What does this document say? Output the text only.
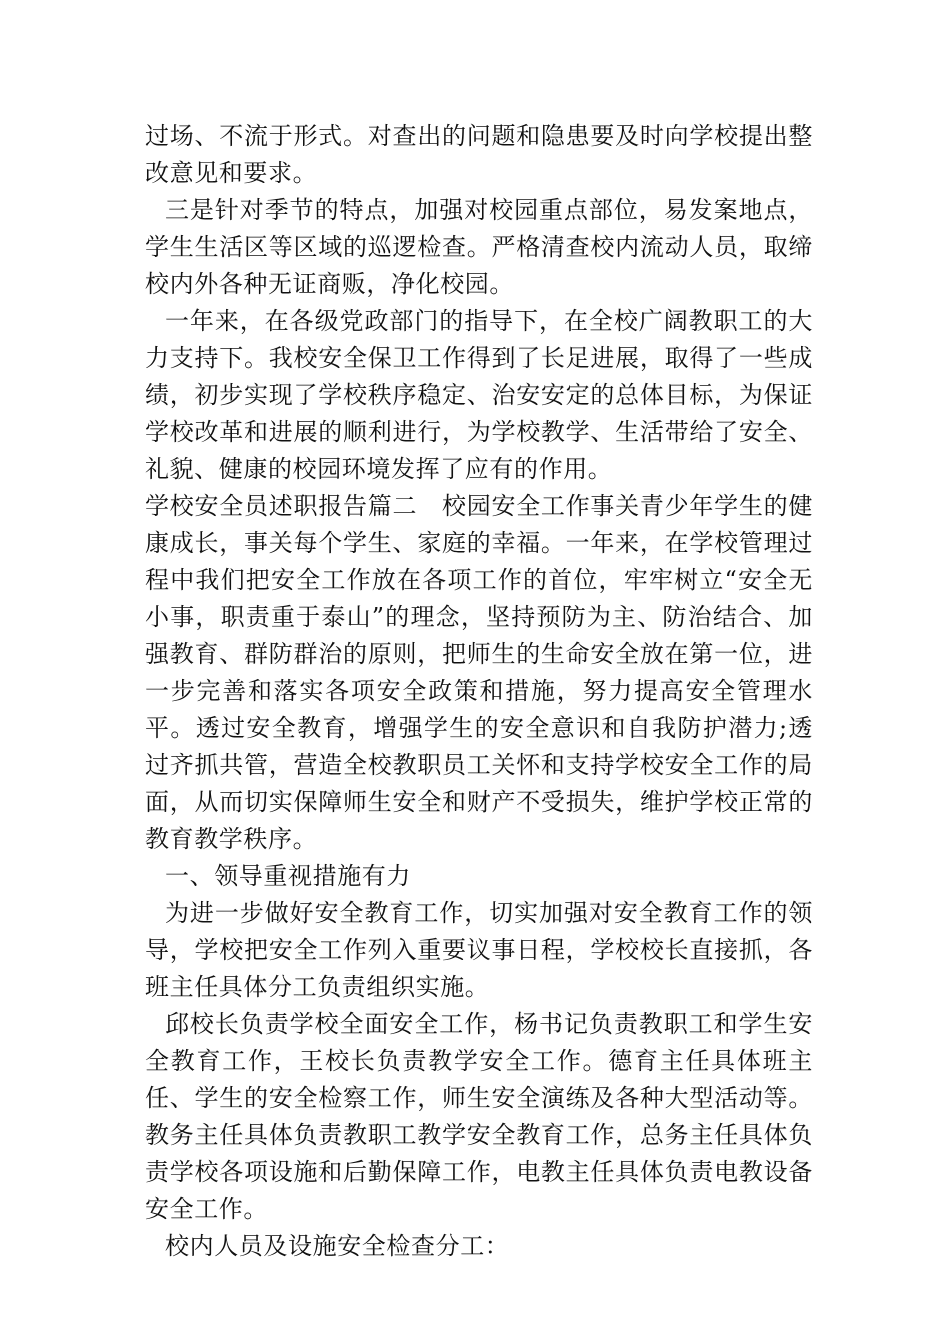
过场、不流于形式。对查出的问题和隐患要及时向学校提出整改意见和要求。

三是针对季节的特点，加强对校园重点部位，易发案地点，学生生活区等区域的巡逻检查。严格清查校内流动人员，取缔校内外各种无证商贩，净化校园。

一年来，在各级党政部门的指导下，在全校广阔教职工的大力支持下。我校安全保卫工作得到了长足进展，取得了一些成绩，初步实现了学校秩序稳定、治安安定的总体目标，为保证学校改革和进展的顺利进行，为学校教学、生活带给了安全、礼貌、健康的校园环境发挥了应有的作用。

学校安全员述职报告篇二　校园安全工作事关青少年学生的健康成长，事关每个学生、家庭的幸福。一年来，在学校管理过程中我们把安全工作放在各项工作的首位，牢牢树立“安全无小事，职责重于泰山”的理念，坚持预防为主、防治结合、加强教育、群防群治的原则，把师生的生命安全放在第一位，进一步完善和落实各项安全政策和措施，努力提高安全管理水平。透过安全教育，增强学生的安全意识和自我防护潜力;透过齐抓共管，营造全校教职员工关怀和支持学校安全工作的局面，从而切实保障师生安全和财产不受损失，维护学校正常的教育教学秩序。

一、领导重视措施有力

为进一步做好安全教育工作，切实加强对安全教育工作的领导，学校把安全工作列入重要议事日程，学校校长直接抓，各班主任具体分工负责组织实施。

邱校长负责学校全面安全工作，杨书记负责教职工和学生安全教育工作，王校长负责教学安全工作。德育主任具体班主任、学生的安全检察工作，师生安全演练及各种大型活动等。教务主任具体负责教职工教学安全教育工作，总务主任具体负责学校各项设施和后勤保障工作，电教主任具体负责电教设备安全工作。

校内人员及设施安全检查分工：
